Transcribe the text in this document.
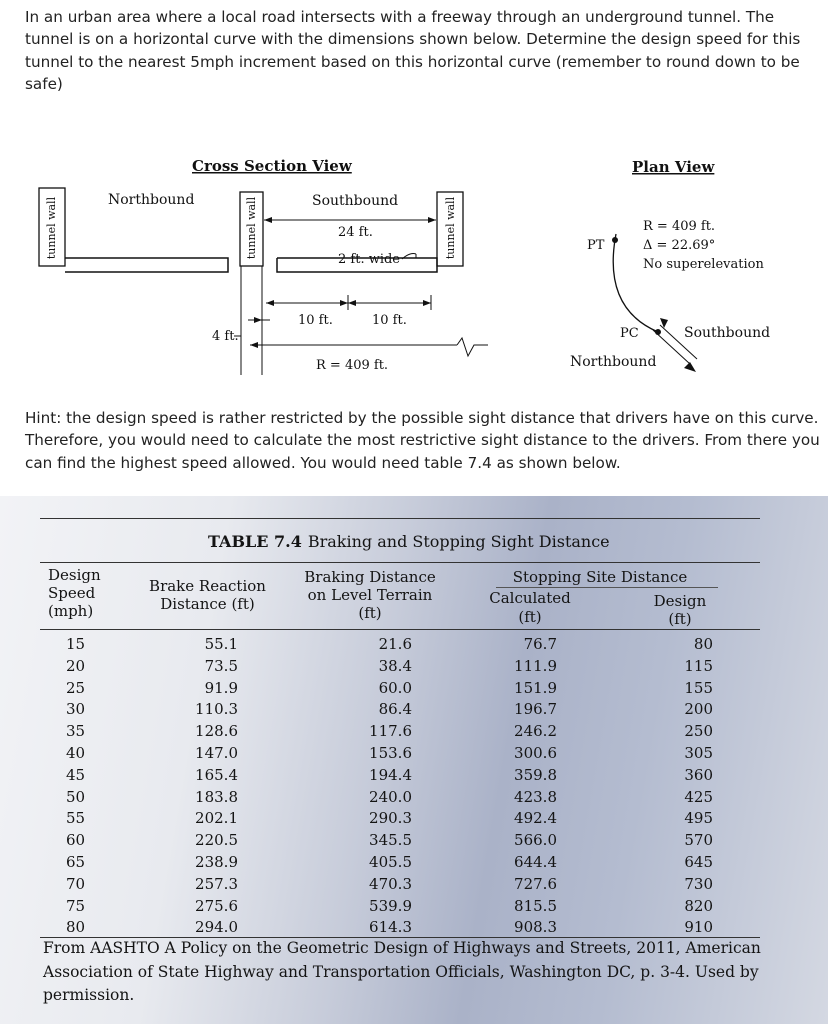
In an urban area where a local road intersects with a freeway through an underground tunnel. The tunnel is on a horizontal curve with the dimensions shown below. Determine the design speed for this tunnel to the nearest 5mph increment based on this horizontal curve (remember to round down to be safe)
Cross Section View	Plan View
tunnel wall	tunnel wall	tunnel wall
Northbound	Southbound
24 ft.
2 ft. wide
4 ft.
10 ft.	10 ft.
R = 409 ft.
PT
PC
R = 409 ft.
Δ = 22.69°
No superelevation
Southbound
Northbound
Hint: the design speed is rather restricted by the possible sight distance that drivers have on this curve. Therefore, you would need to calculate the most restrictive sight distance to the drivers. From there you can find the highest speed allowed. You would need table 7.4 as shown below.
TABLE 7.4 Braking and Stopping Sight Distance
Design
Speed
(mph)
Brake Reaction
Distance (ft)
Braking Distance
on Level Terrain
(ft)
Stopping Site Distance
Calculated
(ft)
Design
(ft)
15	55.1	21.6	76.7	80
20	73.5	38.4	111.9	115
25	91.9	60.0	151.9	155
30	110.3	86.4	196.7	200
35	128.6	117.6	246.2	250
40	147.0	153.6	300.6	305
45	165.4	194.4	359.8	360
50	183.8	240.0	423.8	425
55	202.1	290.3	492.4	495
60	220.5	345.5	566.0	570
65	238.9	405.5	644.4	645
70	257.3	470.3	727.6	730
75	275.6	539.9	815.5	820
80	294.0	614.3	908.3	910
From AASHTO A Policy on the Geometric Design of Highways and Streets, 2011, American Association of State Highway and Transportation Officials, Washington DC, p. 3-4. Used by permission.
